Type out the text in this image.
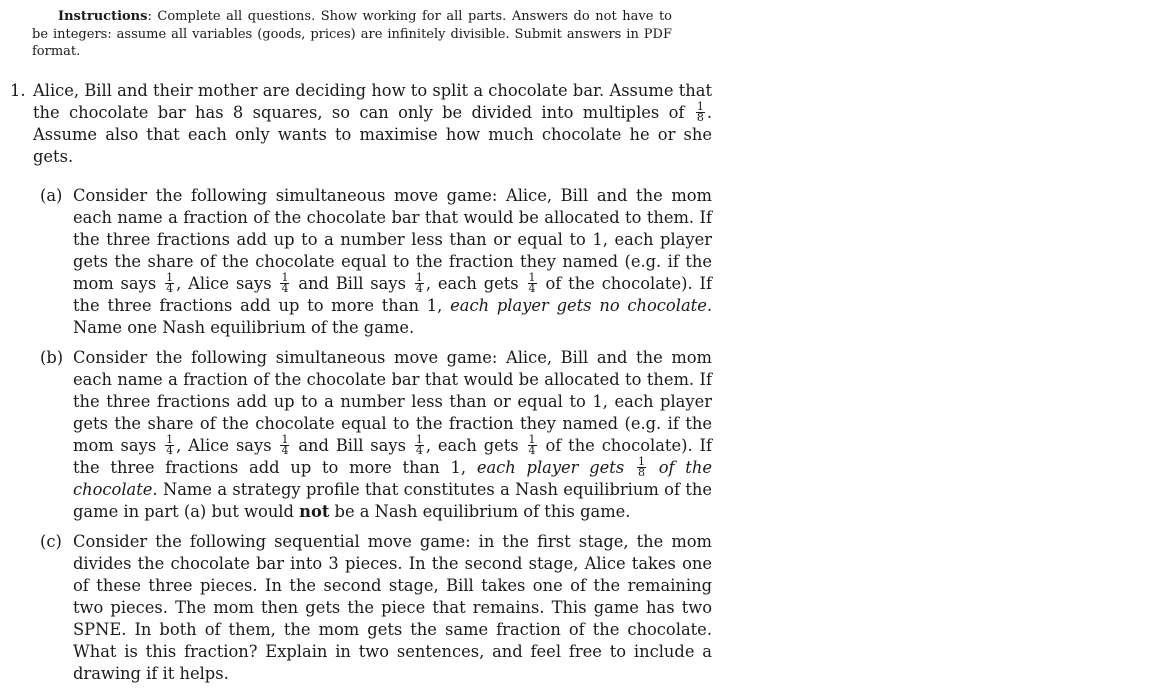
Instructions: Complete all questions. Show working for all parts. Answers do not have to be integers: assume all variables (goods, prices) are infinitely divisible. Submit answers in PDF format.
1. Alice, Bill and their mother are deciding how to split a chocolate bar. Assume that the chocolate bar has 8 squares, so can only be divided into multiples of $\frac{1}{8}$ . Assume also that each only wants to maximise how much chocolate he or she gets.
(a) Consider the following simultaneous move game: Alice, Bill and the mom each name a fraction of the chocolate bar that would be allocated to them. If the three fractions add up to a number less than or equal to 1, each player gets the share of the chocolate equal to the fraction they named (e.g. if the mom says $\frac{1}{4}$ , Alice says $\frac{1}{4}$ and Bill says $\frac{1}{4}$ , each gets $\frac{1}{4}$ of the chocolate). If the three fractions add up to more than 1, each player gets no chocolate. Name one Nash equilibrium of the game.
(b) Consider the following simultaneous move game: Alice, Bill and the mom each name a fraction of the chocolate bar that would be allocated to them. If the three fractions add up to a number less than or equal to 1, each player gets the share of the chocolate equal to the fraction they named (e.g. if the mom says $\frac{1}{4}$ , Alice says $\frac{1}{4}$ and Bill says $\frac{1}{4}$ , each gets $\frac{1}{4}$ of the chocolate). If the three fractions add up to more than 1, each player gets $\frac{1}{8}$ of the chocolate. Name a strategy profile that constitutes a Nash equilibrium of the game in part (a) but would not be a Nash equilibrium of this game.
(c) Consider the following sequential move game: in the first stage, the mom divides the chocolate bar into 3 pieces. In the second stage, Alice takes one of these three pieces. In the second stage, Bill takes one of the remaining two pieces. The mom then gets the piece that remains. This game has two SPNE. In both of them, the mom gets the same fraction of the chocolate. What is this fraction? Explain in two sentences, and feel free to include a drawing if it helps.
